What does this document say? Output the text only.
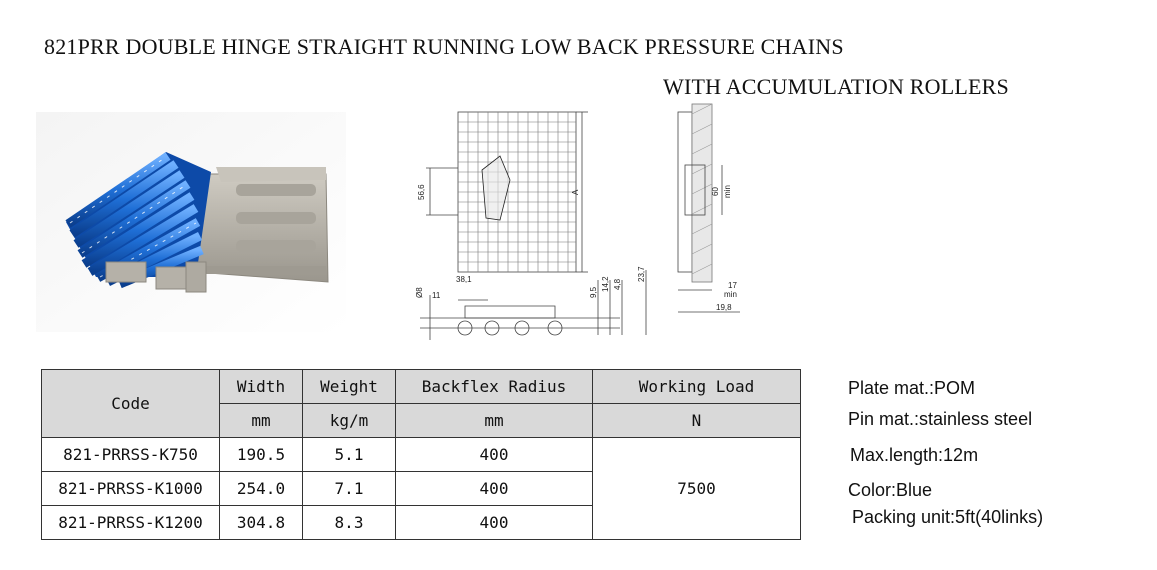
821PRR DOUBLE HINGE STRAIGHT RUNNING LOW BACK PRESSURE CHAINS
WITH ACCUMULATION ROLLERS
56,6	A
38,1
11
Ø8	9,5
14,2 4,8
23,7
60 min
17
min
19,8
Code	Width	Weight	Backflex Radius	Working Load
	mm	kg/m	mm	N
821-PRRSS-K750	190.5	5.1	400	7500
821-PRRSS-K1000	254.0	7.1	400	
821-PRRSS-K1200	304.8	8.3	400	
Plate mat.:POM
Pin mat.:stainless steel
Max.length:12m
Color:Blue
Packing unit:5ft(40links)
